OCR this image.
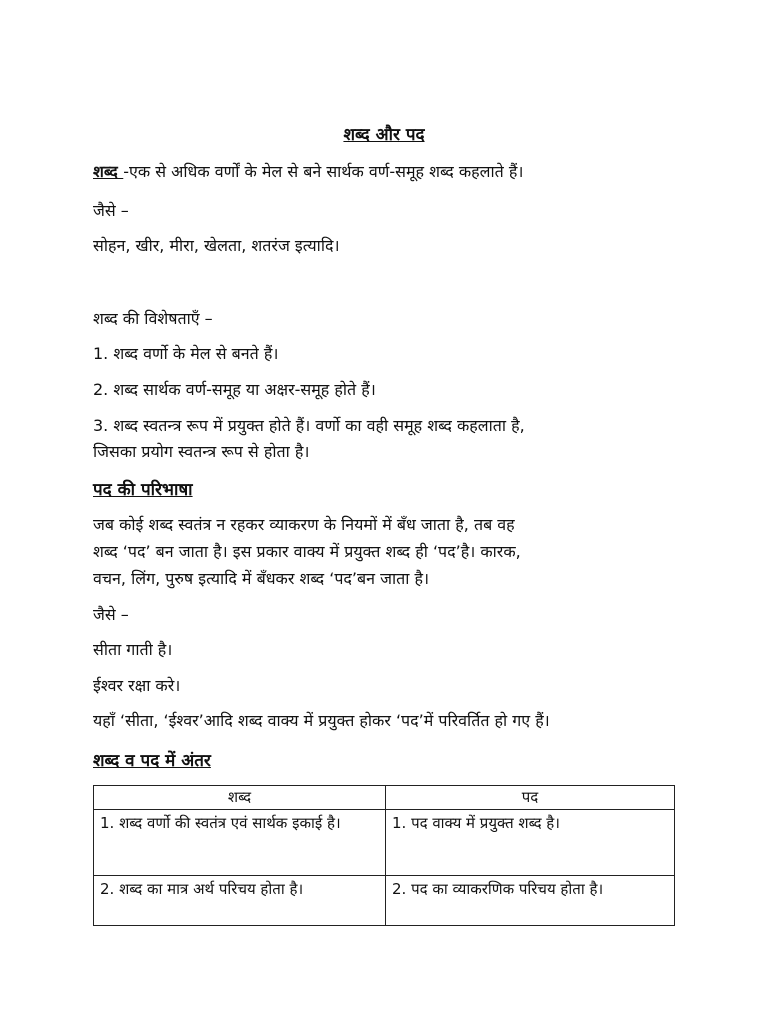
शब्द और पद

शब्द -एक से अधिक वर्णों के मेल से बने सार्थक वर्ण-समूह शब्द कहलाते हैं।

जैसे –

सोहन, खीर, मीरा, खेलता, शतरंज इत्यादि।

शब्द की विशेषताएँ –

1. शब्द वर्णो के मेल से बनते हैं।

2. शब्द सार्थक वर्ण-समूह या अक्षर-समूह होते हैं।

3. शब्द स्वतन्त्र रूप में प्रयुक्त होते हैं। वर्णो का वही समूह शब्द कहलाता है,

जिसका प्रयोग स्वतन्त्र रूप से होता है।

पद की परिभाषा

जब कोई शब्द स्वतंत्र न रहकर व्याकरण के नियमों में बँध जाता है, तब वह

शब्द ‘पद’ बन जाता है। इस प्रकार वाक्य में प्रयुक्त शब्द ही ‘पद’है। कारक,

वचन, लिंग, पुरुष इत्यादि में बँधकर शब्द ‘पद’बन जाता है।

जैसे –

सीता गाती है।

ईश्वर रक्षा करे।

यहाँ ‘सीता, ‘ईश्वर’आदि शब्द वाक्य में प्रयुक्त होकर ‘पद’में परिवर्तित हो गए हैं।

शब्द व पद में अंतर

शब्द	पद
1. शब्द वर्णो की स्वतंत्र एवं सार्थक इकाई है।	1. पद वाक्य में प्रयुक्त शब्द है।
2. शब्द का मात्र अर्थ परिचय होता है।	2. पद का व्याकरणिक परिचय होता है।
